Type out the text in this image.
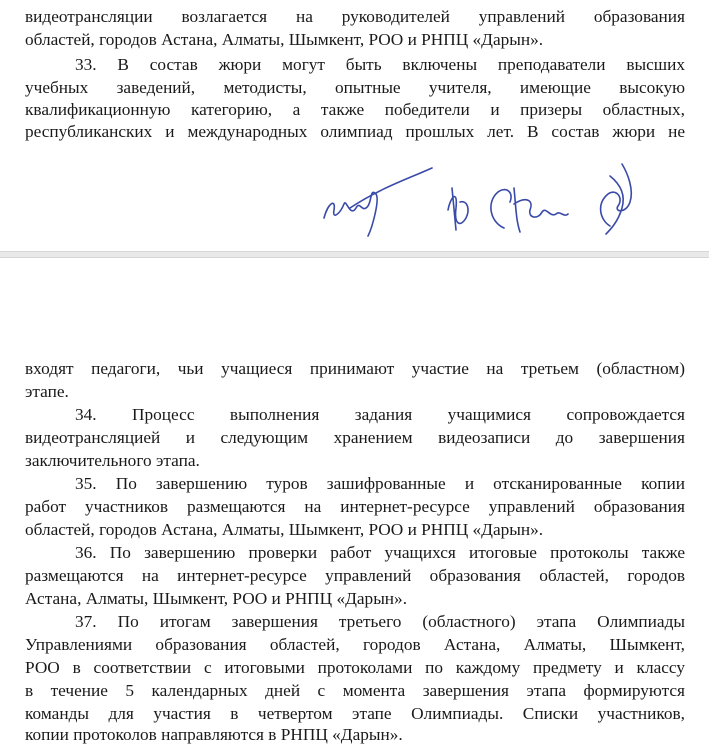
видеотрансляции возлагается на руководителей управлений образования
областей, городов Астана, Алматы, Шымкент, РОО и РНПЦ «Дарын».
33. В состав жюри могут быть включены преподаватели высших
учебных заведений, методисты, опытные учителя, имеющие высокую
квалификационную категорию, а также победители и призеры областных,
республиканских и международных олимпиад прошлых лет. В состав жюри не
входят педагоги, чьи учащиеся принимают участие на третьем (областном)
этапе.
34. Процесс выполнения задания учащимися сопровождается
видеотрансляцией и следующим хранением видеозаписи до завершения
заключительного этапа.
35. По завершению туров зашифрованные и отсканированные копии
работ участников размещаются на интернет-ресурсе управлений образования
областей, городов Астана, Алматы, Шымкент, РОО и РНПЦ «Дарын».
36. По завершению проверки работ учащихся итоговые протоколы также
размещаются на интернет-ресурсе управлений образования областей, городов
Астана, Алматы, Шымкент, РОО и РНПЦ «Дарын».
37. По итогам завершения третьего (областного) этапа Олимпиады
Управлениями образования областей, городов Астана, Алматы, Шымкент,
РОО в соответствии с итоговыми протоколами по каждому предмету и классу
в течение 5 календарных дней с момента завершения этапа формируются
команды для участия в четвертом этапе Олимпиады. Списки участников,
копии протоколов направляются в РНПЦ «Дарын».
